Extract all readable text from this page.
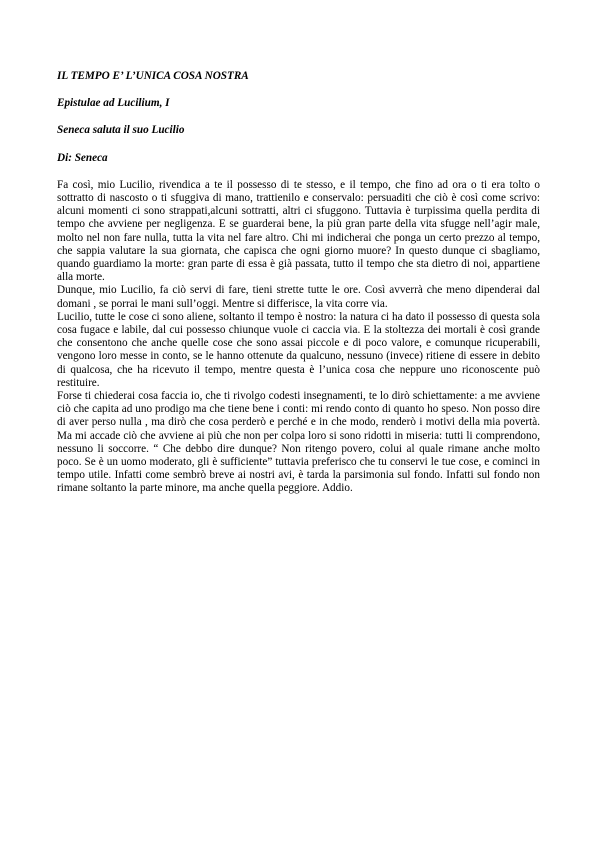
IL TEMPO E’ L’UNICA COSA NOSTRA

Epistulae ad Lucilium, I

Seneca saluta il suo Lucilio

Di: Seneca

Fa così, mio Lucilio, rivendica a te il possesso di te stesso, e il tempo, che fino ad ora o ti era tolto o sottratto di nascosto o ti sfuggiva di mano, trattienilo e conservalo: persuaditi che ciò è così come scrivo: alcuni momenti ci sono strappati,alcuni sottratti, altri ci sfuggono. Tuttavia è turpissima quella perdita di tempo che avviene per negligenza. E se guarderai bene, la più gran parte della vita sfugge nell’agir male, molto nel non fare nulla, tutta la vita nel fare altro. Chi mi indicherai che ponga un certo prezzo al tempo, che sappia valutare la sua giornata, che capisca che ogni giorno muore? In questo dunque ci sbagliamo, quando guardiamo la morte: gran parte di essa è già passata, tutto il tempo che sta dietro di noi, appartiene alla morte.

Dunque, mio Lucilio, fa ciò servi di fare, tieni strette tutte le ore. Così avverrà che meno dipenderai dal domani , se porrai le mani sull’oggi. Mentre si differisce, la vita corre via.

Lucilio, tutte le cose ci sono aliene, soltanto il tempo è nostro: la natura ci ha dato il possesso di questa sola cosa fugace e labile, dal cui possesso chiunque vuole ci caccia via. E la stoltezza dei mortali è così grande che consentono che anche quelle cose che sono assai piccole e di poco valore, e comunque ricuperabili, vengono loro messe in conto, se le hanno ottenute da qualcuno, nessuno (invece) ritiene di essere in debito di qualcosa, che ha ricevuto il tempo, mentre questa è l’unica cosa che neppure uno riconoscente può restituire.

Forse ti chiederai cosa faccia io, che ti rivolgo codesti insegnamenti, te lo dirò schiettamente: a me avviene ciò che capita ad uno prodigo ma che tiene bene i conti: mi rendo conto di quanto ho speso. Non posso dire di aver perso nulla , ma dirò che cosa perderò e perché e in che modo, renderò i motivi della mia povertà. Ma mi accade ciò che avviene ai più che non per colpa loro si sono ridotti in miseria: tutti li comprendono, nessuno li soccorre. “ Che debbo dire dunque? Non ritengo povero, colui al quale rimane anche molto poco. Se è un uomo moderato, gli è sufficiente” tuttavia preferisco che tu conservi le tue cose, e cominci in tempo utile. Infatti come sembrò breve ai nostri avi, è tarda la parsimonia sul fondo. Infatti sul fondo non rimane soltanto la parte minore, ma anche quella peggiore. Addio.
